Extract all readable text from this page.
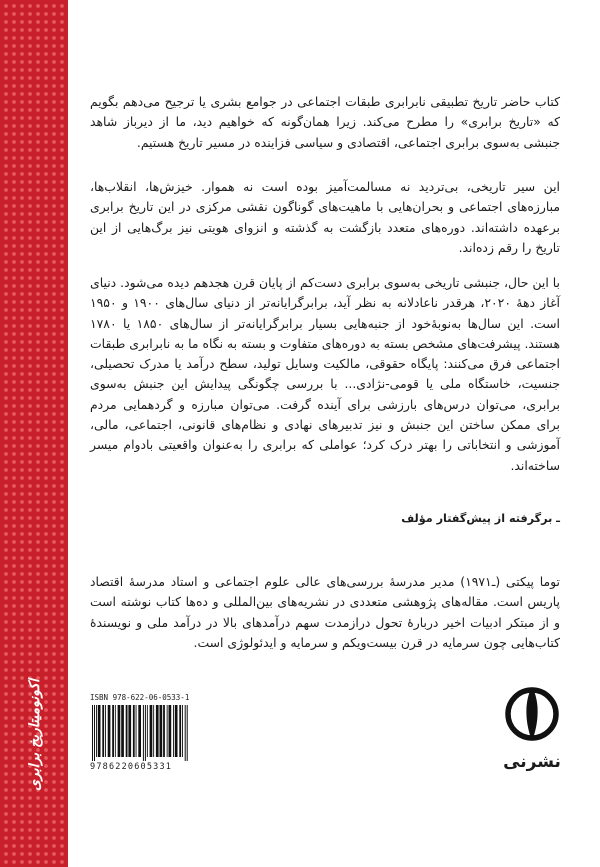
اکونومیتاریخ برابری

کتاب حاضر تاریخ تطبیقی نابرابری طبقات اجتماعی در جوامع بشری یا ترجیح می‌دهم بگویم که «تاریخ برابری» را مطرح می‌کند. زیرا همان‌گونه که خواهیم دید، ما از دیرباز شاهد جنبشی به‌سوی برابری اجتماعی، اقتصادی و سیاسی فزاینده در مسیر تاریخ هستیم.

این سیر تاریخی، بی‌تردید نه مسالمت‌آمیز بوده است نه هموار. خیزش‌ها، انقلاب‌ها، مبارزه‌های اجتماعی و بحران‌هایی با ماهیت‌های گوناگون نقشی مرکزی در این تاریخ برابری برعهده داشته‌اند. دوره‌های متعدد بازگشت به گذشته و انزوای هویتی نیز برگ‌هایی از این تاریخ را رقم زده‌اند.

با این حال، جنبشی تاریخی به‌سوی برابری دست‌کم از پایان قرن هجدهم دیده می‌شود. دنیای آغاز دههٔ ۲۰۲۰، هرقدر ناعادلانه به نظر آید، برابرگرایانه‌تر از دنیای سال‌های ۱۹۰۰ و ۱۹۵۰ است. این سال‌ها به‌نوبهٔ‌خود از جنبه‌هایی بسیار برابرگرایانه‌تر از سال‌های ۱۸۵۰ یا ۱۷۸۰ هستند. پیشرفت‌های مشخص بسته به دوره‌های متفاوت و بسته به نگاه ما به نابرابری طبقات اجتماعی فرق می‌کنند: پایگاه حقوقی، مالکیت وسایل تولید، سطح درآمد یا مدرک تحصیلی، جنسیت، خاستگاه ملی یا قومی-نژادی... با بررسی چگونگی پیدایش این جنبش به‌سوی برابری، می‌توان درس‌های بارزشی برای آینده گرفت. می‌توان مبارزه و گردهمایی مردم برای ممکن ساختن این جنبش و نیز تدبیرهای نهادی و نظام‌های قانونی، اجتماعی، مالی، آموزشی و انتخاباتی را بهتر درک کرد؛ عواملی که برابری را به‌عنوان واقعیتی بادوام میسر ساخته‌اند.

ـ برگرفته از پیش‌گفتار مؤلف

توما پیکتی (ـ۱۹۷۱) مدیر مدرسهٔ بررسی‌های عالی علوم اجتماعی و استاد مدرسهٔ اقتصاد پاریس است. مقاله‌های پژوهشی متعددی در نشریه‌های بین‌المللی و ده‌ها کتاب نوشته است و از مبتکر ادبیات اخیر دربارهٔ تحول درازمدت سهم درآمدهای بالا در درآمد ملی و نویسندهٔ کتاب‌هایی چون سرمایه در قرن بیست‌ویکم و سرمایه و ایدئولوژی است.

ISBN 978-622-06-0533-1
9786220605331	نشرنی
